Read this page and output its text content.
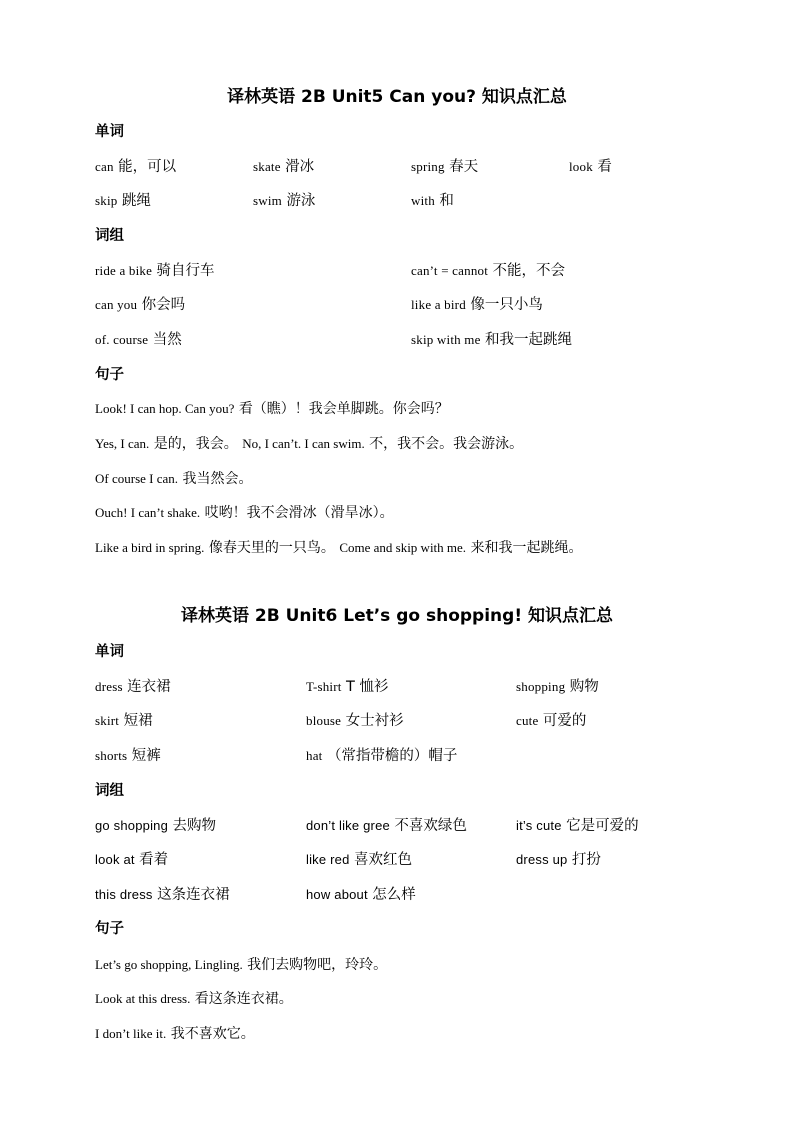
译林英语 2B Unit5 Can you? 知识点汇总
单词
can 能，可以	skate 滑冰	spring 春天	look 看
skip 跳绳	swim 游泳	with 和
词组
ride a bike 骑自行车	can’t = cannot 不能，不会
can you 你会吗	like a bird 像一只小鸟
of. course 当然	skip with me 和我一起跳绳
句子
Look! I can hop. Can you? 看（瞧）！我会单脚跳。你会吗？
Yes, I can. 是的，我会。 No, I can’t. I can swim. 不，我不会。我会游泳。
Of course I can. 我当然会。
Ouch! I can’t shake. 哎哟！我不会滑冰（滑旱冰）。
Like a bird in spring. 像春天里的一只鸟。 Come and skip with me. 来和我一起跳绳。
译林英语 2B Unit6 Let’s go shopping! 知识点汇总
单词
dress 连衣裙	T-shirt T 恤衫	shopping 购物
skirt 短裙	blouse 女士衬衫	cute 可爱的
shorts 短裤	hat （常指带檐的）帽子
词组
go shopping 去购物	don’t like gree 不喜欢绿色	it’s cute 它是可爱的
look at 看着	like red 喜欢红色	dress up 打扮
this dress 这条连衣裙	how about 怎么样
句子
Let’s go shopping, Lingling. 我们去购物吧，玲玲。
Look at this dress. 看这条连衣裙。
I don’t like it. 我不喜欢它。
